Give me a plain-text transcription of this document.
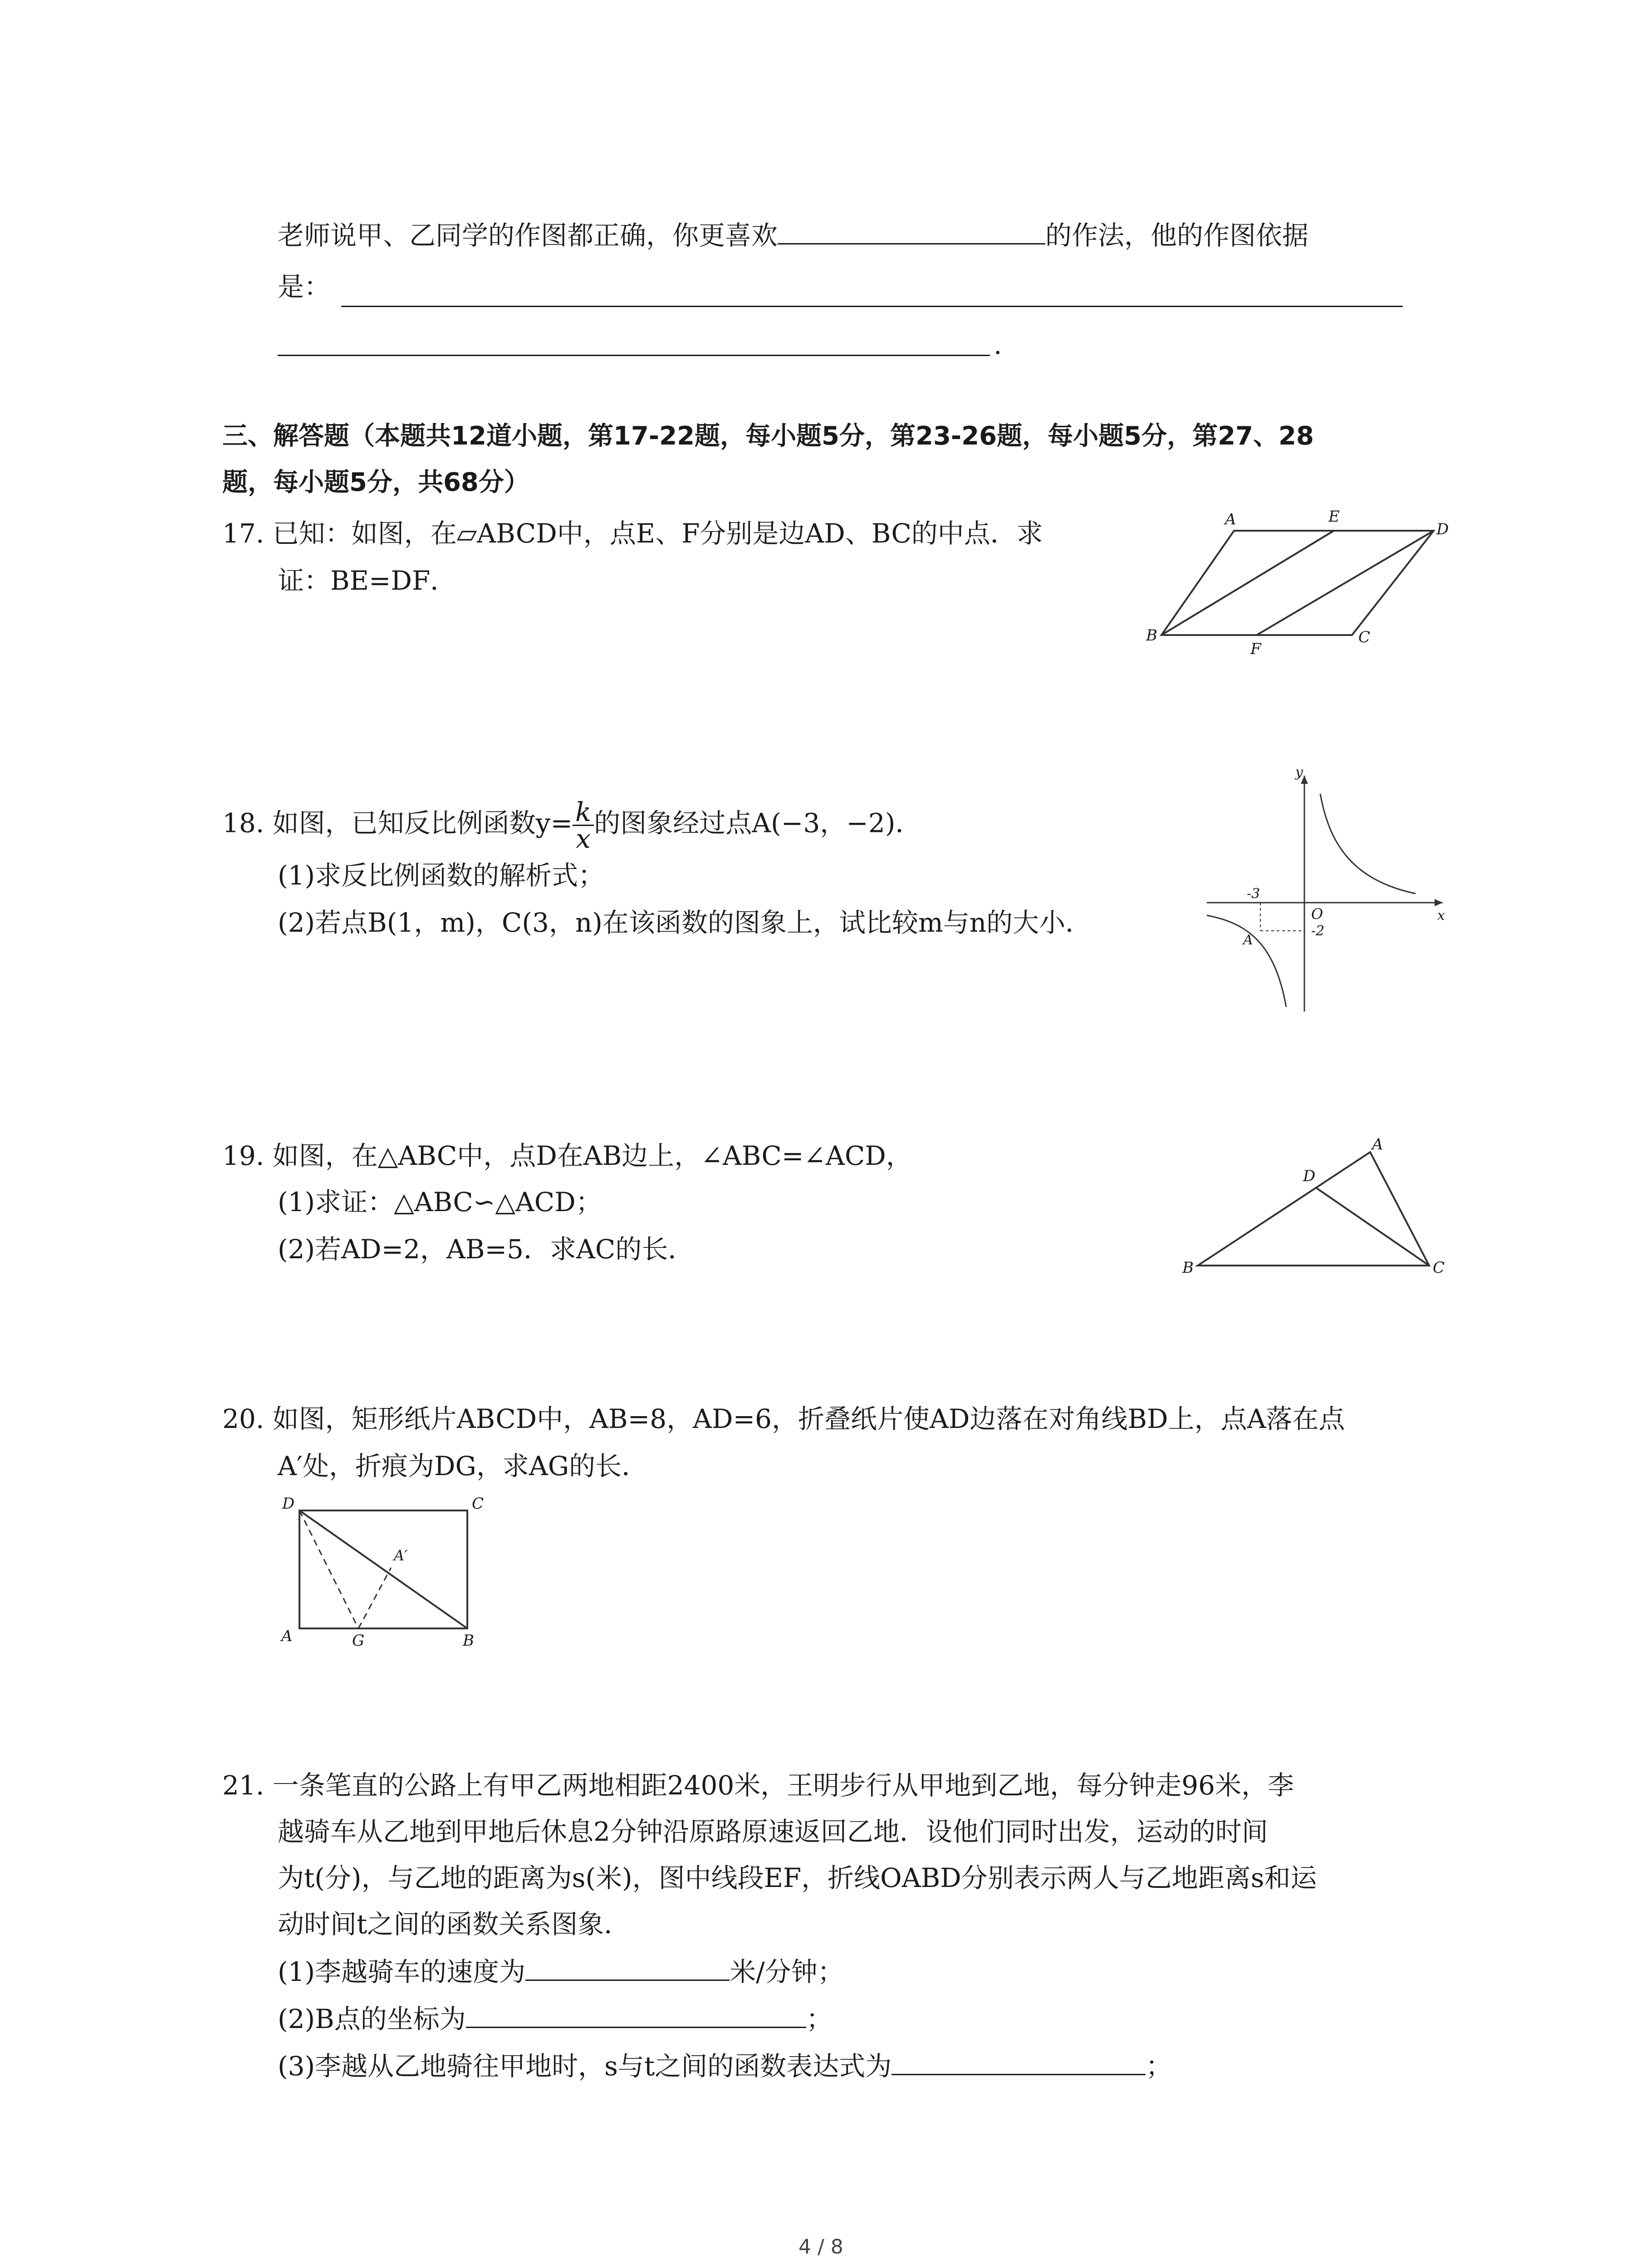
老师说甲、乙同学的作图都正确，你更喜欢	的作法，他的作图依据
是：
.
三、解答题（本题共12道小题，第17-22题，每小题5分，第23-26题，每小题5分，第27、28
题，每小题5分，共68分）
17. 已知：如图，在▱ABCD中，点E、F分别是边AD、BC的中点．求
证：BE=DF．
A	E
D
B
F
C
18. 如图，已知反比例函数$y= \frac{k}{x}$ 的图象经过点A(−3，−2)．
(1)求反比例函数的解析式；
(2)若点B(1，m)，C(3，n)在该函数的图象上，试比较m与n的大小．
y
x
O
-3
-2
A
19. 如图，在△ABC中，点D在AB边上，∠ABC=∠ACD，
(1)求证：△ABC∽△ACD；
(2)若AD=2，AB=5．求AC的长．
B
A
D
C
20. 如图，矩形纸片ABCD中，AB=8，AD=6，折叠纸片使AD边落在对角线BD上，点A落在点
A′处，折痕为DG，求AG的长．
D	C
A′
A	G	B
21. 一条笔直的公路上有甲乙两地相距2400米，王明步行从甲地到乙地，每分钟走96米，李
越骑车从乙地到甲地后休息2分钟沿原路原速返回乙地．设他们同时出发，运动的时间
为t(分)，与乙地的距离为s(米)，图中线段EF，折线OABD分别表示两人与乙地距离s和运
动时间t之间的函数关系图象．
(1)李越骑车的速度为	米/分钟；
(2)B点的坐标为	；
(3)李越从乙地骑往甲地时，s与t之间的函数表达式为	；
4 / 8
